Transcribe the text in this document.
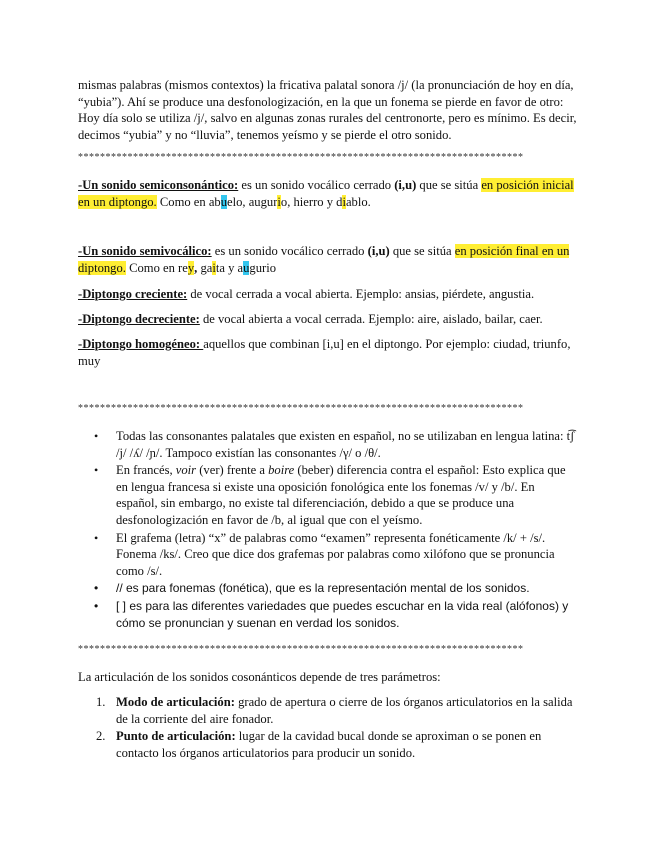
mismas palabras (mismos contextos) la fricativa palatal sonora /j/ (la pronunciación de hoy en día, “yubia”). Ahí se produce una desfonologización, en la que un fonema se pierde en favor de otro: Hoy día solo se utiliza /j/, salvo en algunas zonas rurales del centronorte, pero es mínimo. Es decir, decimos “yubia” y no “lluvia”, tenemos yeísmo y se pierde el otro sonido.
*********************************************************************************
-Un sonido semiconsonántico: es un sonido vocálico cerrado (i,u) que se sitúa en posición inicial en un diptongo. Como en abuelo, augurio, hierro y diablo.
-Un sonido semivocálico: es un sonido vocálico cerrado (i,u) que se sitúa en posición final en un diptongo. Como en rey, gaita y augurio
-Diptongo creciente: de vocal cerrada a vocal abierta. Ejemplo: ansias, piérdete, angustia.
-Diptongo decreciente: de vocal abierta a vocal cerrada. Ejemplo: aire, aislado, bailar, caer.
-Diptongo homogéneo: aquellos que combinan [i,u] en el diptongo. Por ejemplo: ciudad, triunfo, muy
*********************************************************************************
• Todas las consonantes palatales que existen en español, no se utilizaban en lengua latina: t͡ʃ /j/ /ʎ/ /ɲ/. Tampoco existían las consonantes /γ/ o /θ/.
• En francés, voir (ver) frente a boire (beber) diferencia contra el español: Esto explica que en lengua francesa si existe una oposición fonológica ente los fonemas /v/ y /b/. En español, sin embargo, no existe tal diferenciación, debido a que se produce una desfonologización en favor de /b, al igual que con el yeísmo.
• El grafema (letra) “x” de palabras como “examen” representa fonéticamente /k/ + /s/. Fonema /ks/. Creo que dice dos grafemas por palabras como xilófono que se pronuncia como /s/.
• // es para fonemas (fonética), que es la representación mental de los sonidos.
• [ ] es para las diferentes variedades que puedes escuchar en la vida real (alófonos) y cómo se pronuncian y suenan en verdad los sonidos.
*********************************************************************************
La articulación de los sonidos cosonánticos depende de tres parámetros:
1. Modo de articulación: grado de apertura o cierre de los órganos articulatorios en la salida de la corriente del aire fonador.
2. Punto de articulación: lugar de la cavidad bucal donde se aproximan o se ponen en contacto los órganos articulatorios para producir un sonido.
